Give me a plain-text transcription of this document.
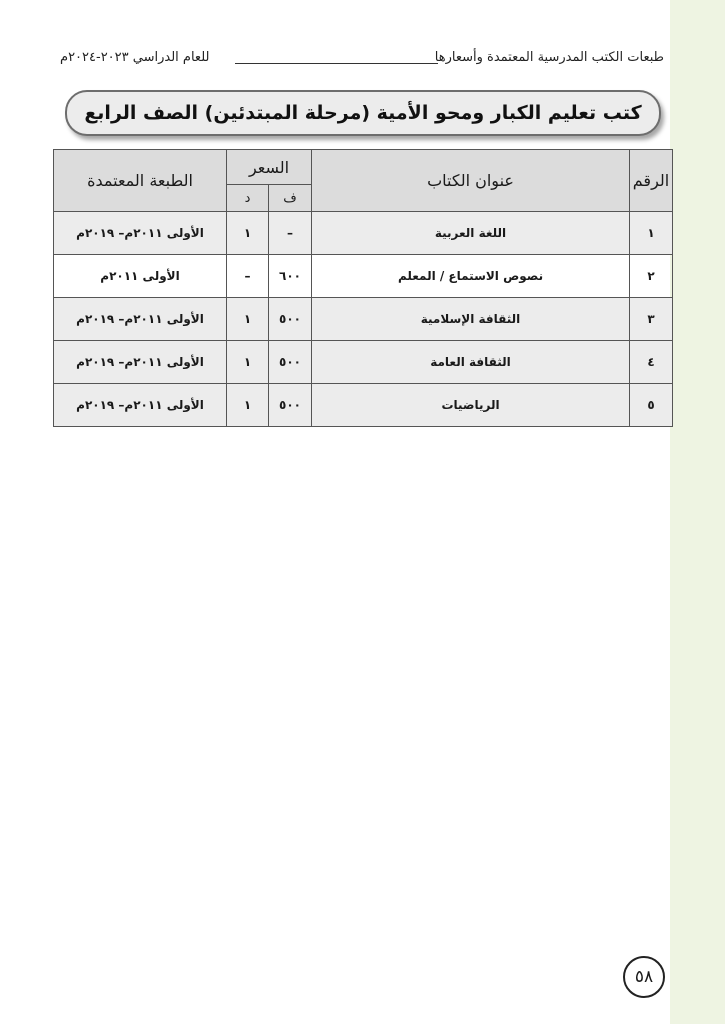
طبعات الكتب المدرسية المعتمدة وأسعارها
للعام الدراسي ٢٠٢٣-٢٠٢٤م
كتب تعليم الكبار ومحو الأمية (مرحلة المبتدئين) الصف الرابع
الرقم	عنوان الكتاب	السعر		الطبعة المعتمدة
		ف	د	
١	اللغة العربية	–	١	الأولى ٢٠١١م– ٢٠١٩م
٢	نصوص الاستماع / المعلم	٦٠٠	–	الأولى ٢٠١١م
٣	الثقافة الإسلامية	٥٠٠	١	الأولى ٢٠١١م– ٢٠١٩م
٤	الثقافة العامة	٥٠٠	١	الأولى ٢٠١١م– ٢٠١٩م
٥	الرياضيات	٥٠٠	١	الأولى ٢٠١١م– ٢٠١٩م
٥٨
